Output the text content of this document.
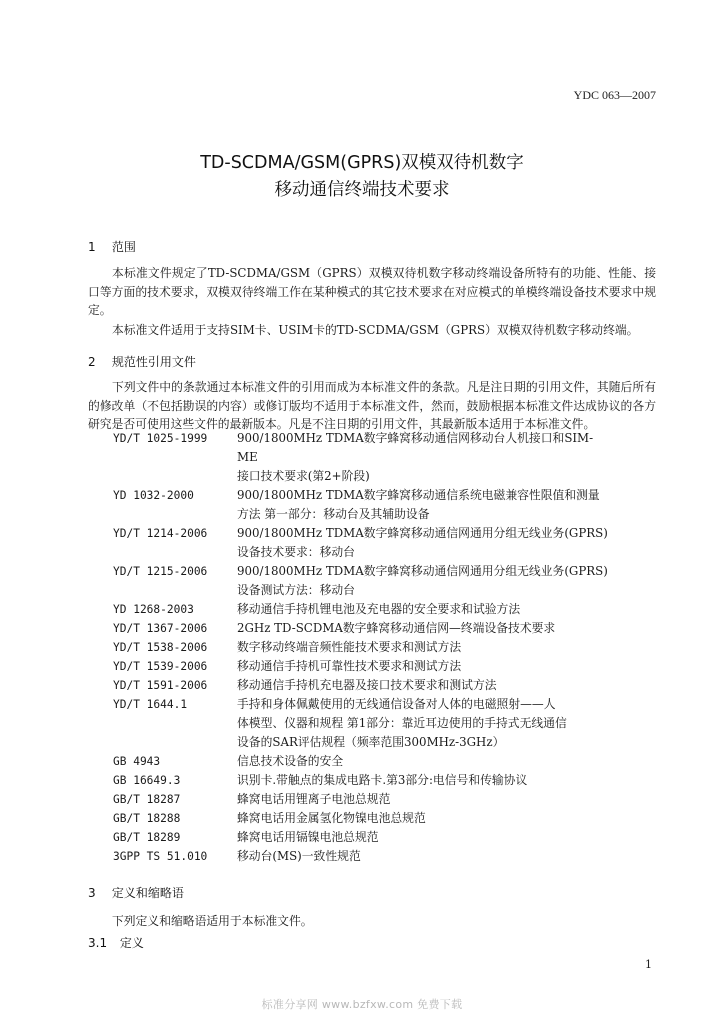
YDC 063—2007
TD-SCDMA/GSM(GPRS)双模双待机数字
移动通信终端技术要求
1 范围
本标准文件规定了TD-SCDMA/GSM（GPRS）双模双待机数字移动终端设备所特有的功能、性能、接口等方面的技术要求，双模双待终端工作在某种模式的其它技术要求在对应模式的单模终端设备技术要求中规定。
本标准文件适用于支持SIM卡、USIM卡的TD-SCDMA/GSM（GPRS）双模双待机数字移动终端。
2 规范性引用文件
下列文件中的条款通过本标准文件的引用而成为本标准文件的条款。凡是注日期的引用文件，其随后所有的修改单（不包括勘误的内容）或修订版均不适用于本标准文件，然而，鼓励根据本标准文件达成协议的各方研究是否可使用这些文件的最新版本。凡是不注日期的引用文件，其最新版本适用于本标准文件。
YD/T 1025-1999	900/1800MHz TDMA数字蜂窝移动通信网移动台人机接口和SIM-ME
接口技术要求(第2+阶段)
YD 1032-2000	900/1800MHz TDMA数字蜂窝移动通信系统电磁兼容性限值和测量
方法 第一部分：移动台及其辅助设备
YD/T 1214-2006	900/1800MHz TDMA数字蜂窝移动通信网通用分组无线业务(GPRS)
设备技术要求：移动台
YD/T 1215-2006	900/1800MHz TDMA数字蜂窝移动通信网通用分组无线业务(GPRS)
设备测试方法：移动台
YD 1268-2003	移动通信手持机锂电池及充电器的安全要求和试验方法
YD/T 1367-2006	2GHz TD-SCDMA数字蜂窝移动通信网—终端设备技术要求
YD/T 1538-2006	数字移动终端音频性能技术要求和测试方法
YD/T 1539-2006	移动通信手持机可靠性技术要求和测试方法
YD/T 1591-2006	移动通信手持机充电器及接口技术要求和测试方法
YD/T 1644.1	手持和身体佩戴使用的无线通信设备对人体的电磁照射——人
体模型、仪器和规程 第1部分：靠近耳边使用的手持式无线通信
设备的SAR评估规程（频率范围300MHz-3GHz）
GB 4943	信息技术设备的安全
GB 16649.3	识别卡.带触点的集成电路卡.第3部分:电信号和传输协议
GB/T 18287	蜂窝电话用锂离子电池总规范
GB/T 18288	蜂窝电话用金属氢化物镍电池总规范
GB/T 18289	蜂窝电话用镉镍电池总规范
3GPP TS 51.010	移动台(MS)一致性规范
3 定义和缩略语
下列定义和缩略语适用于本标准文件。
3.1 定义
1
标准分享网 www.bzfxw.com 免费下载
